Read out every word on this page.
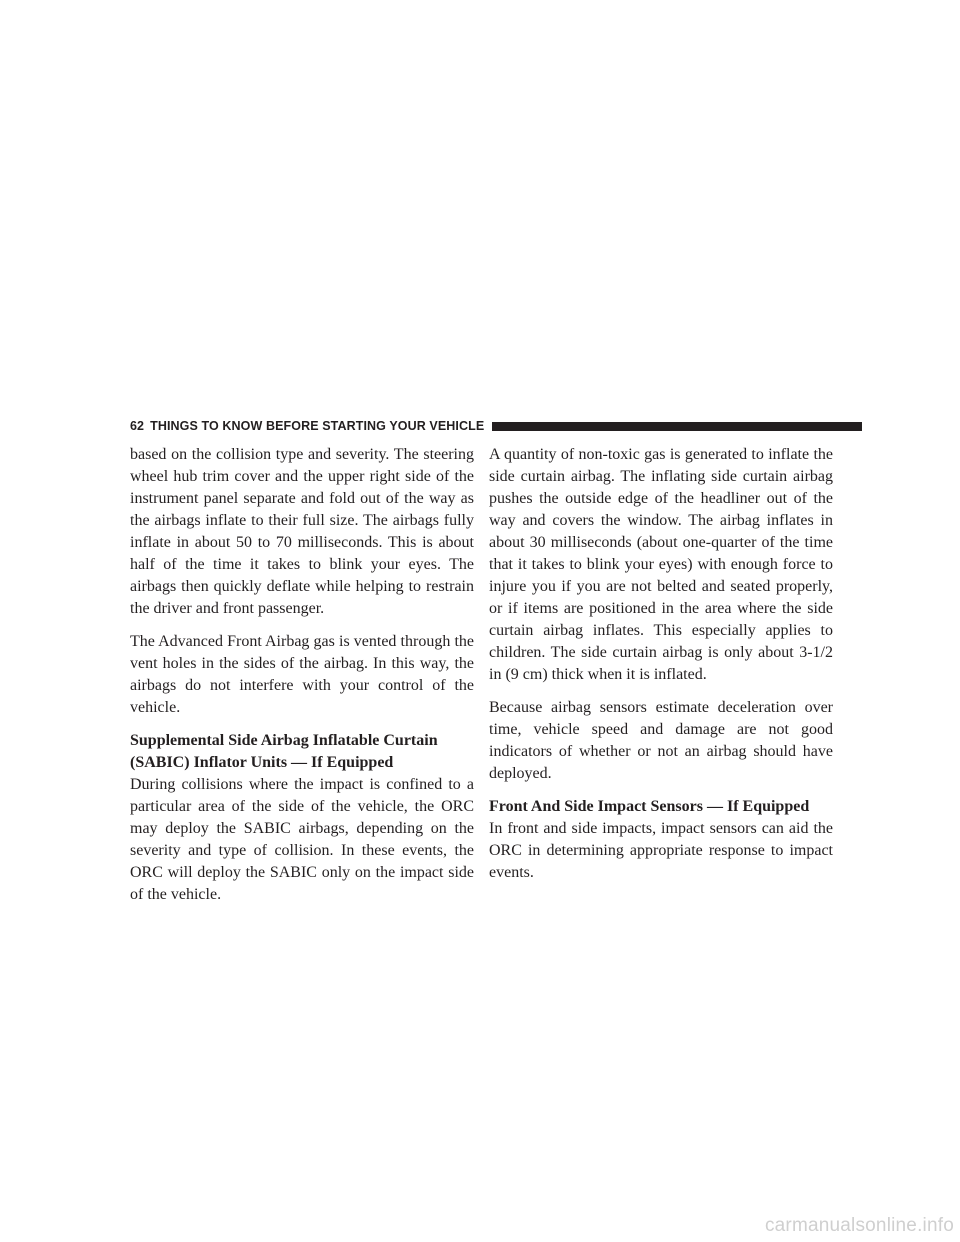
62 THINGS TO KNOW BEFORE STARTING YOUR VEHICLE

based on the collision type and severity. The steering wheel hub trim cover and the upper right side of the instrument panel separate and fold out of the way as the airbags inflate to their full size. The airbags fully inflate in about 50 to 70 milliseconds. This is about half of the time it takes to blink your eyes. The airbags then quickly deflate while helping to restrain the driver and front passenger.

The Advanced Front Airbag gas is vented through the vent holes in the sides of the airbag. In this way, the airbags do not interfere with your control of the vehicle.

Supplemental Side Airbag Inflatable Curtain
(SABIC) Inflator Units — If Equipped

During collisions where the impact is confined to a particular area of the side of the vehicle, the ORC may deploy the SABIC airbags, depending on the severity and type of collision. In these events, the ORC will deploy the SABIC only on the impact side of the vehicle.

A quantity of non-toxic gas is generated to inflate the side curtain airbag. The inflating side curtain airbag pushes the outside edge of the headliner out of the way and covers the window. The airbag inflates in about 30 milliseconds (about one-quarter of the time that it takes to blink your eyes) with enough force to injure you if you are not belted and seated properly, or if items are positioned in the area where the side curtain airbag inflates. This especially applies to children. The side curtain airbag is only about 3-1/2 in (9 cm) thick when it is inflated.

Because airbag sensors estimate deceleration over time, vehicle speed and damage are not good indicators of whether or not an airbag should have deployed.

Front And Side Impact Sensors — If Equipped

In front and side impacts, impact sensors can aid the ORC in determining appropriate response to impact events.

carmanualsonline.info
